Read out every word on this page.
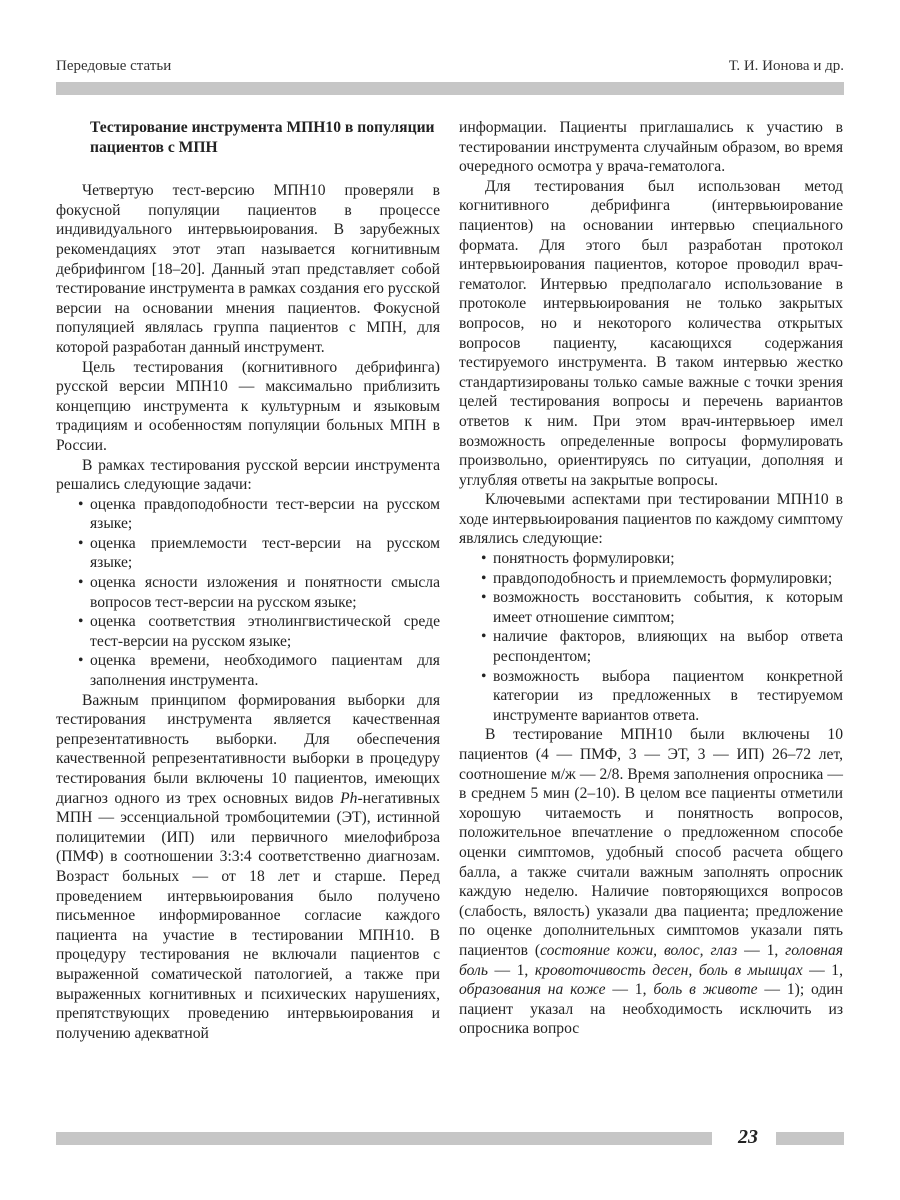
Передовые статьи	Т. И. Ионова и др.
Тестирование инструмента МПН10 в популяции пациентов с МПН

Четвертую тест-версию МПН10 проверяли в фокусной популяции пациентов в процессе индивидуального интервьюирования. В зарубежных рекомендациях этот этап называется когнитивным дебрифингом [18–20]. Данный этап представляет собой тестирование инструмента в рамках создания его русской версии на основании мнения пациентов. Фокусной популяцией являлась группа пациентов с МПН, для которой разработан данный инструмент.

Цель тестирования (когнитивного дебрифинга) русской версии МПН10 — максимально приблизить концепцию инструмента к культурным и языковым традициям и особенностям популяции больных МПН в России.

В рамках тестирования русской версии инструмента решались следующие задачи:

• оценка правдоподобности тест-версии на русском языке;
• оценка приемлемости тест-версии на русском языке;
• оценка ясности изложения и понятности смысла вопросов тест-версии на русском языке;
• оценка соответствия этнолингвистической среде тест-версии на русском языке;
• оценка времени, необходимого пациентам для заполнения инструмента.

Важным принципом формирования выборки для тестирования инструмента является качественная репрезентативность выборки. Для обеспечения качественной репрезентативности выборки в процедуру тестирования были включены 10 пациентов, имеющих диагноз одного из трех основных видов Ph-негативных МПН — эссенциальной тромбоцитемии (ЭТ), истинной полицитемии (ИП) или первичного миелофиброза (ПМФ) в соотношении 3:3:4 соответственно диагнозам. Возраст больных — от 18 лет и старше. Перед проведением интервьюирования было получено письменное информированное согласие каждого пациента на участие в тестировании МПН10. В процедуру тестирования не включали пациентов с выраженной соматической патологией, а также при выраженных когнитивных и психических нарушениях, препятствующих проведению интервьюирования и получению адекватной

информации. Пациенты приглашались к участию в тестировании инструмента случайным образом, во время очередного осмотра у врача-гематолога.

Для тестирования был использован метод когнитивного дебрифинга (интервьюирование пациентов) на основании интервью специального формата. Для этого был разработан протокол интервьюирования пациентов, которое проводил врач-гематолог. Интервью предполагало использование в протоколе интервьюирования не только закрытых вопросов, но и некоторого количества открытых вопросов пациенту, касающихся содержания тестируемого инструмента. В таком интервью жестко стандартизированы только самые важные с точки зрения целей тестирования вопросы и перечень вариантов ответов к ним. При этом врач-интервьюер имел возможность определенные вопросы формулировать произвольно, ориентируясь по ситуации, дополняя и углубляя ответы на закрытые вопросы.

Ключевыми аспектами при тестировании МПН10 в ходе интервьюирования пациентов по каждому симптому являлись следующие:

• понятность формулировки;
• правдоподобность и приемлемость формулировки;
• возможность восстановить события, к которым имеет отношение симптом;
• наличие факторов, влияющих на выбор ответа респондентом;
• возможность выбора пациентом конкретной категории из предложенных в тестируемом инструменте вариантов ответа.

В тестирование МПН10 были включены 10 пациентов (4 — ПМФ, 3 — ЭТ, 3 — ИП) 26–72 лет, соотношение м/ж — 2/8. Время заполнения опросника — в среднем 5 мин (2–10). В целом все пациенты отметили хорошую читаемость и понятность вопросов, положительное впечатление о предложенном способе оценки симптомов, удобный способ расчета общего балла, а также считали важным заполнять опросник каждую неделю. Наличие повторяющихся вопросов (слабость, вялость) указали два пациента; предложение по оценке дополнительных симптомов указали пять пациентов (состояние кожи, волос, глаз — 1, головная боль — 1, кровоточивость десен, боль в мышцах — 1, образования на коже — 1, боль в животе — 1); один пациент указал на необходимость исключить из опросника вопрос

23
